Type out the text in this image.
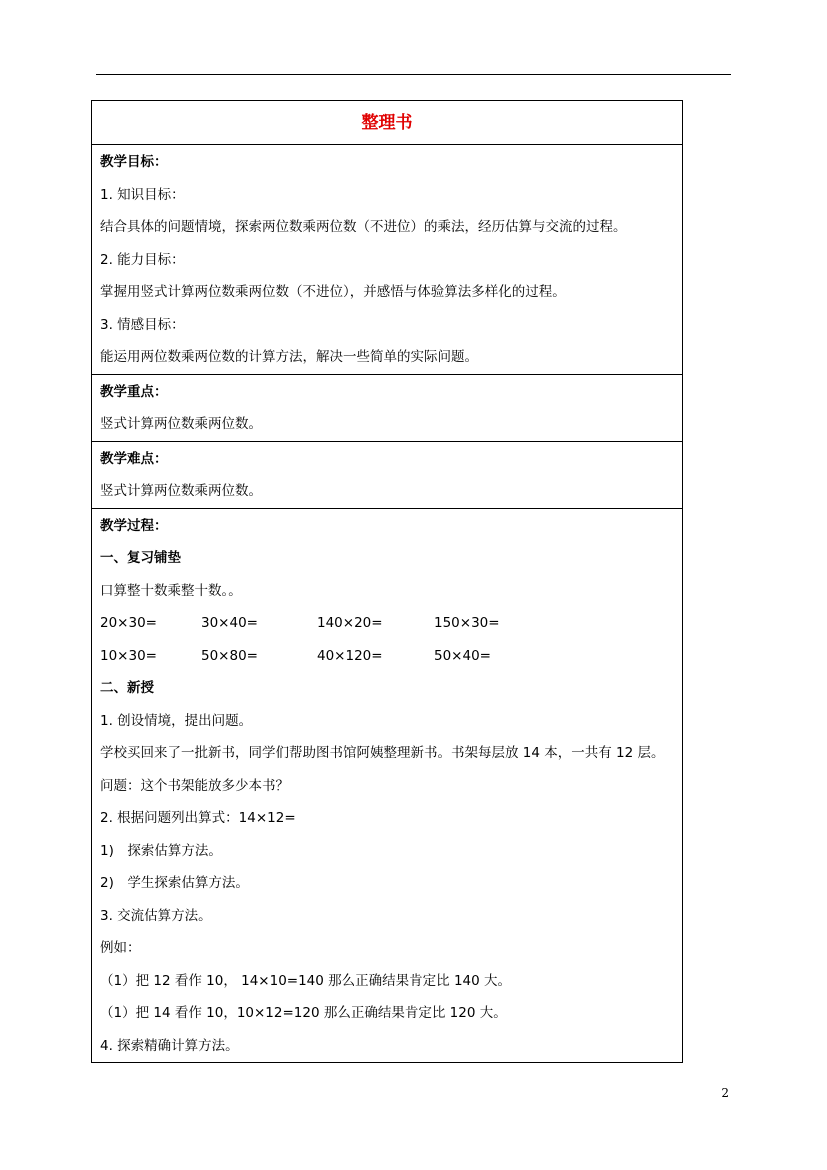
整理书
教学目标：
1. 知识目标：
结合具体的问题情境，探索两位数乘两位数（不进位）的乘法，经历估算与交流的过程。
2. 能力目标：
掌握用竖式计算两位数乘两位数（不进位），并感悟与体验算法多样化的过程。
3. 情感目标：
能运用两位数乘两位数的计算方法，解决一些简单的实际问题。
教学重点：
竖式计算两位数乘两位数。
教学难点：
竖式计算两位数乘两位数。
教学过程：
一、复习铺垫
口算整十数乘整十数。。
20×30=	30×40=	140×20=	150×30=
10×30=	50×80=	40×120=	50×40=
二、新授
1. 创设情境，提出问题。
学校买回来了一批新书，同学们帮助图书馆阿姨整理新书。书架每层放 14 本，一共有 12 层。
问题：这个书架能放多少本书？
2. 根据问题列出算式：14×12=
1)　探索估算方法。
2)　学生探索估算方法。
3. 交流估算方法。
例如：
（1）把 12 看作 10， 14×10=140 那么正确结果肯定比 140 大。
（1）把 14 看作 10，10×12=120 那么正确结果肯定比 120 大。
4. 探索精确计算方法。
2
